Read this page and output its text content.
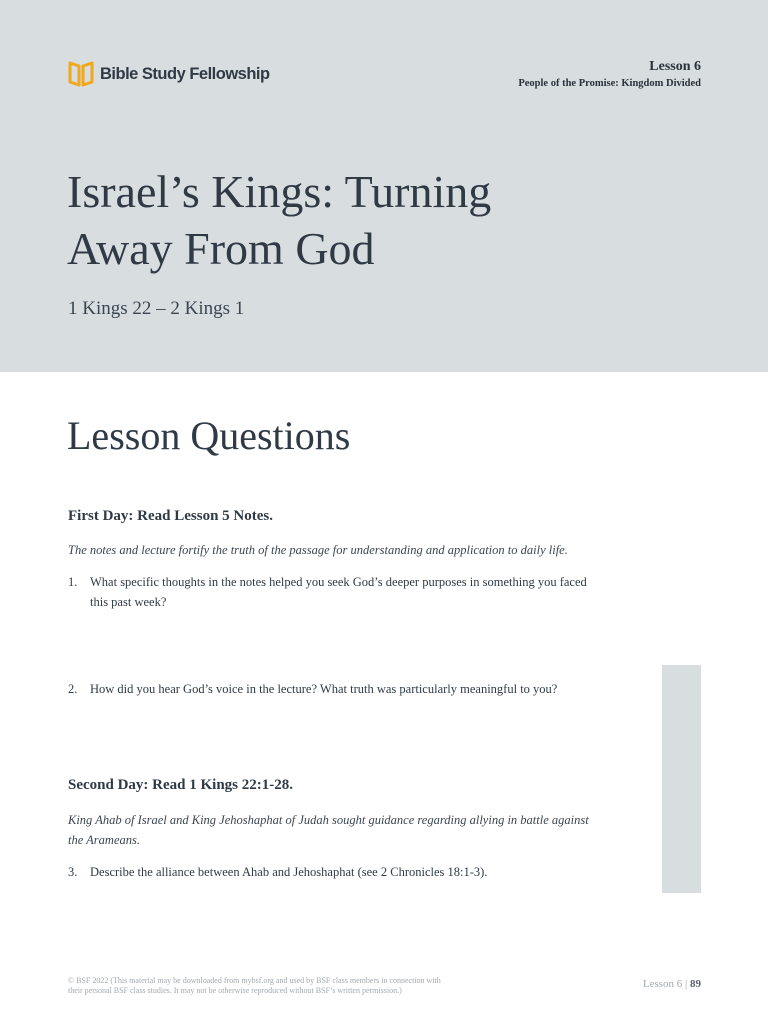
Bible Study Fellowship	Lesson 6
People of the Promise: Kingdom Divided
Israel’s Kings: Turning
Away From God
1 Kings 22 – 2 Kings 1
Lesson Questions
First Day: Read Lesson 5 Notes.
The notes and lecture fortify the truth of the passage for understanding and application to daily life.
1.	What specific thoughts in the notes helped you seek God’s deeper purposes in something you faced this past week?
2.	How did you hear God’s voice in the lecture? What truth was particularly meaningful to you?
Second Day: Read 1 Kings 22:1-28.
King Ahab of Israel and King Jehoshaphat of Judah sought guidance regarding allying in battle against the Arameans.
3.	Describe the alliance between Ahab and Jehoshaphat (see 2 Chronicles 18:1-3).
© BSF 2022 (This material may be downloaded from mybsf.org and used by BSF class members in connection with their personal BSF class studies. It may not be otherwise reproduced without BSF’s written permission.)
Lesson 6 | 89
